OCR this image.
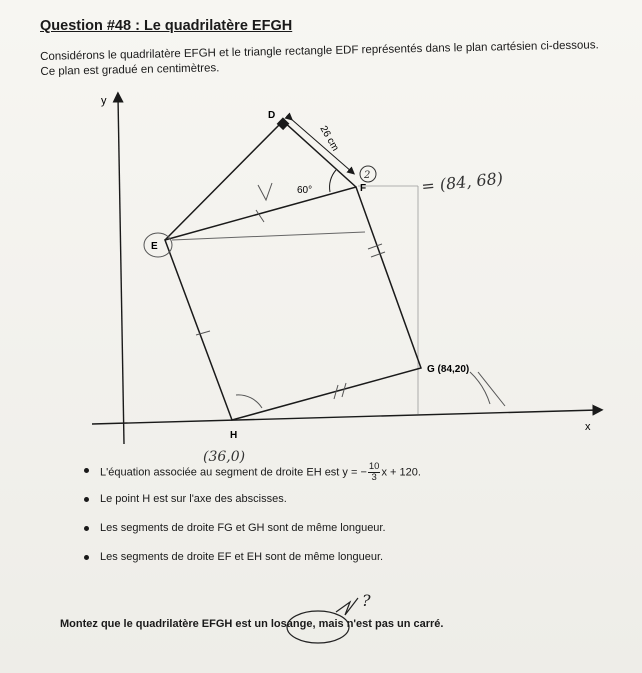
Question #48 : Le quadrilatère EFGH
Considérons le quadrilatère EFGH et le triangle rectangle EDF représentés dans le plan cartésien ci-dessous. Ce plan est gradué en centimètres.
26 cm
60°
2
D
E
F
G (84,20)
H
y
x
= (84, 68)
(36,0)
?
L'équation associée au segment de droite EH est y = − $\frac{10}{3}$ x + 120.
Le point H est sur l'axe des abscisses.
Les segments de droite FG et GH sont de même longueur.
Les segments de droite EF et EH sont de même longueur.
Montez que le quadrilatère EFGH est un losange, mais n'est pas un carré.
